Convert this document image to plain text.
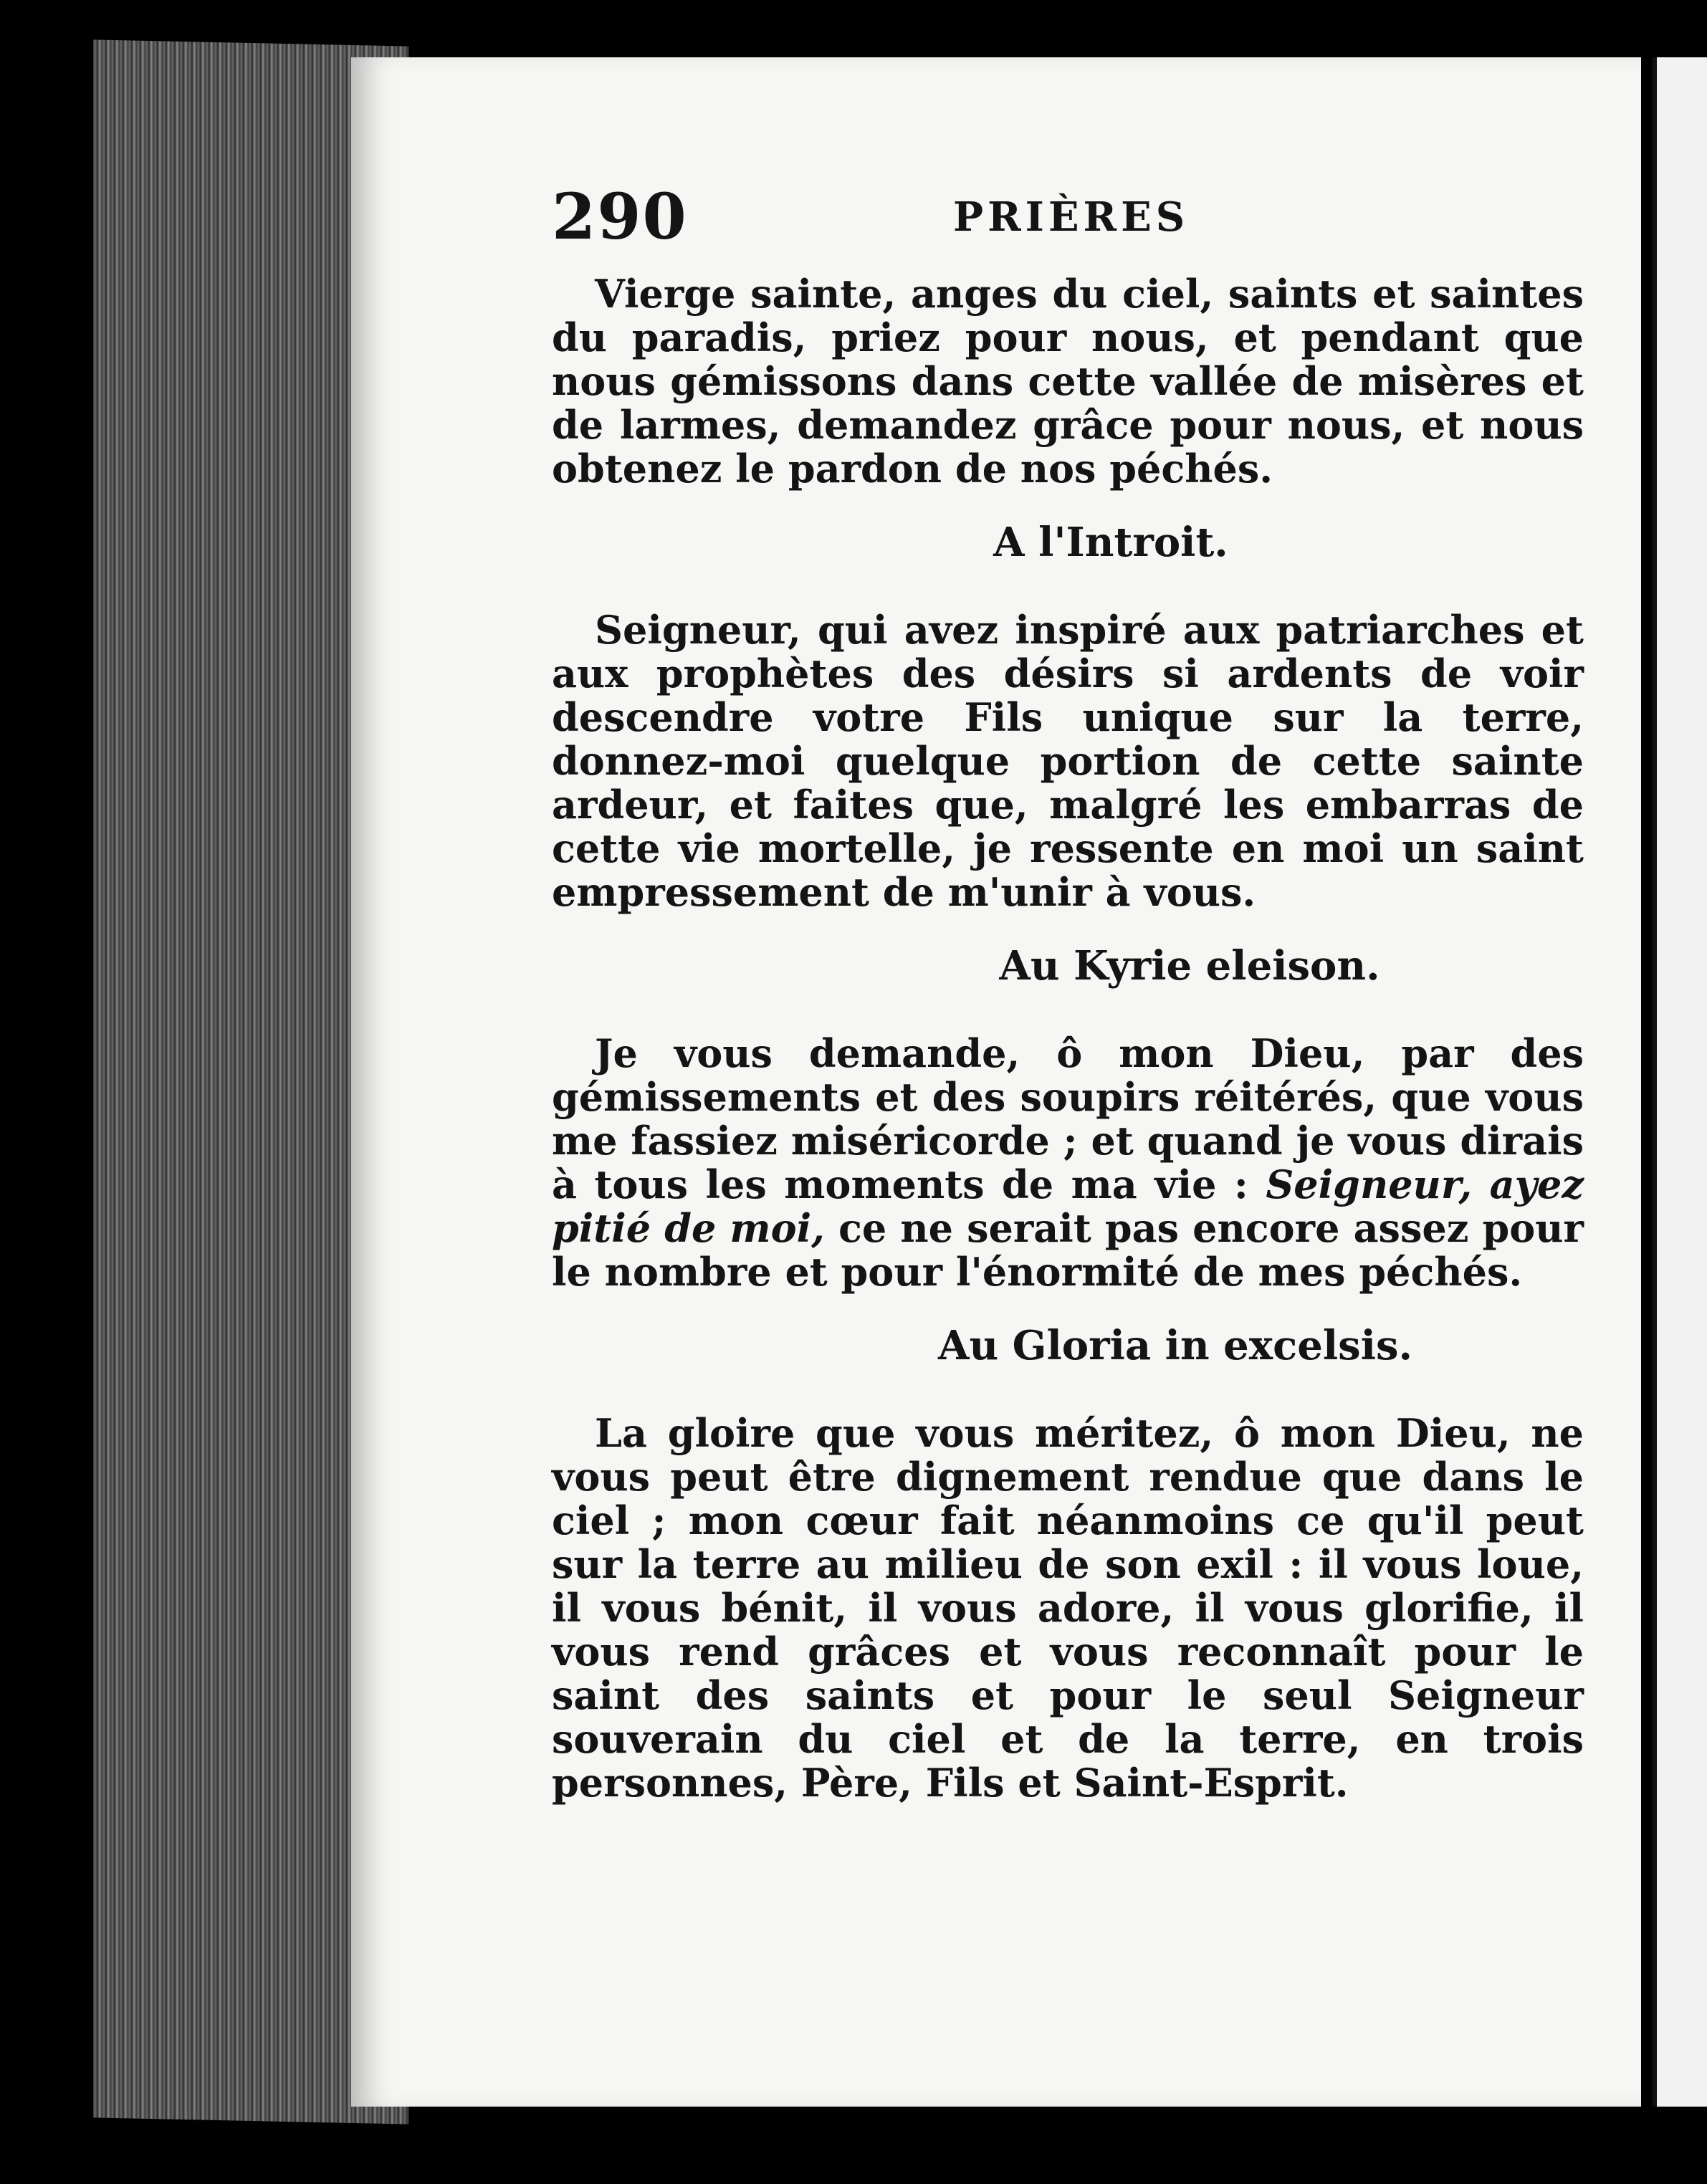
290	PRIÈRES

Vierge sainte, anges du ciel, saints et saintes du paradis, priez pour nous, et pendant que nous gémissons dans cette vallée de misères et de larmes, demandez grâce pour nous, et nous obtenez le pardon de nos péchés.

A l'Introit.

Seigneur, qui avez inspiré aux patriarches et aux prophètes des désirs si ardents de voir descendre votre Fils unique sur la terre, donnez-moi quelque portion de cette sainte ardeur, et faites que, malgré les embarras de cette vie mortelle, je ressente en moi un saint empressement de m'unir à vous.

Au Kyrie eleison.

Je vous demande, ô mon Dieu, par des gémissements et des soupirs réitérés, que vous me fassiez miséricorde ; et quand je vous dirais à tous les moments de ma vie : Seigneur, ayez pitié de moi, ce ne serait pas encore assez pour le nombre et pour l'énormité de mes péchés.

Au Gloria in excelsis.

La gloire que vous méritez, ô mon Dieu, ne vous peut être dignement rendue que dans le ciel ; mon cœur fait néanmoins ce qu'il peut sur la terre au milieu de son exil : il vous loue, il vous bénit, il vous adore, il vous glorifie, il vous rend grâces et vous reconnaît pour le saint des saints et pour le seul Seigneur souverain du ciel et de la terre, en trois personnes, Père, Fils et Saint-Esprit.
